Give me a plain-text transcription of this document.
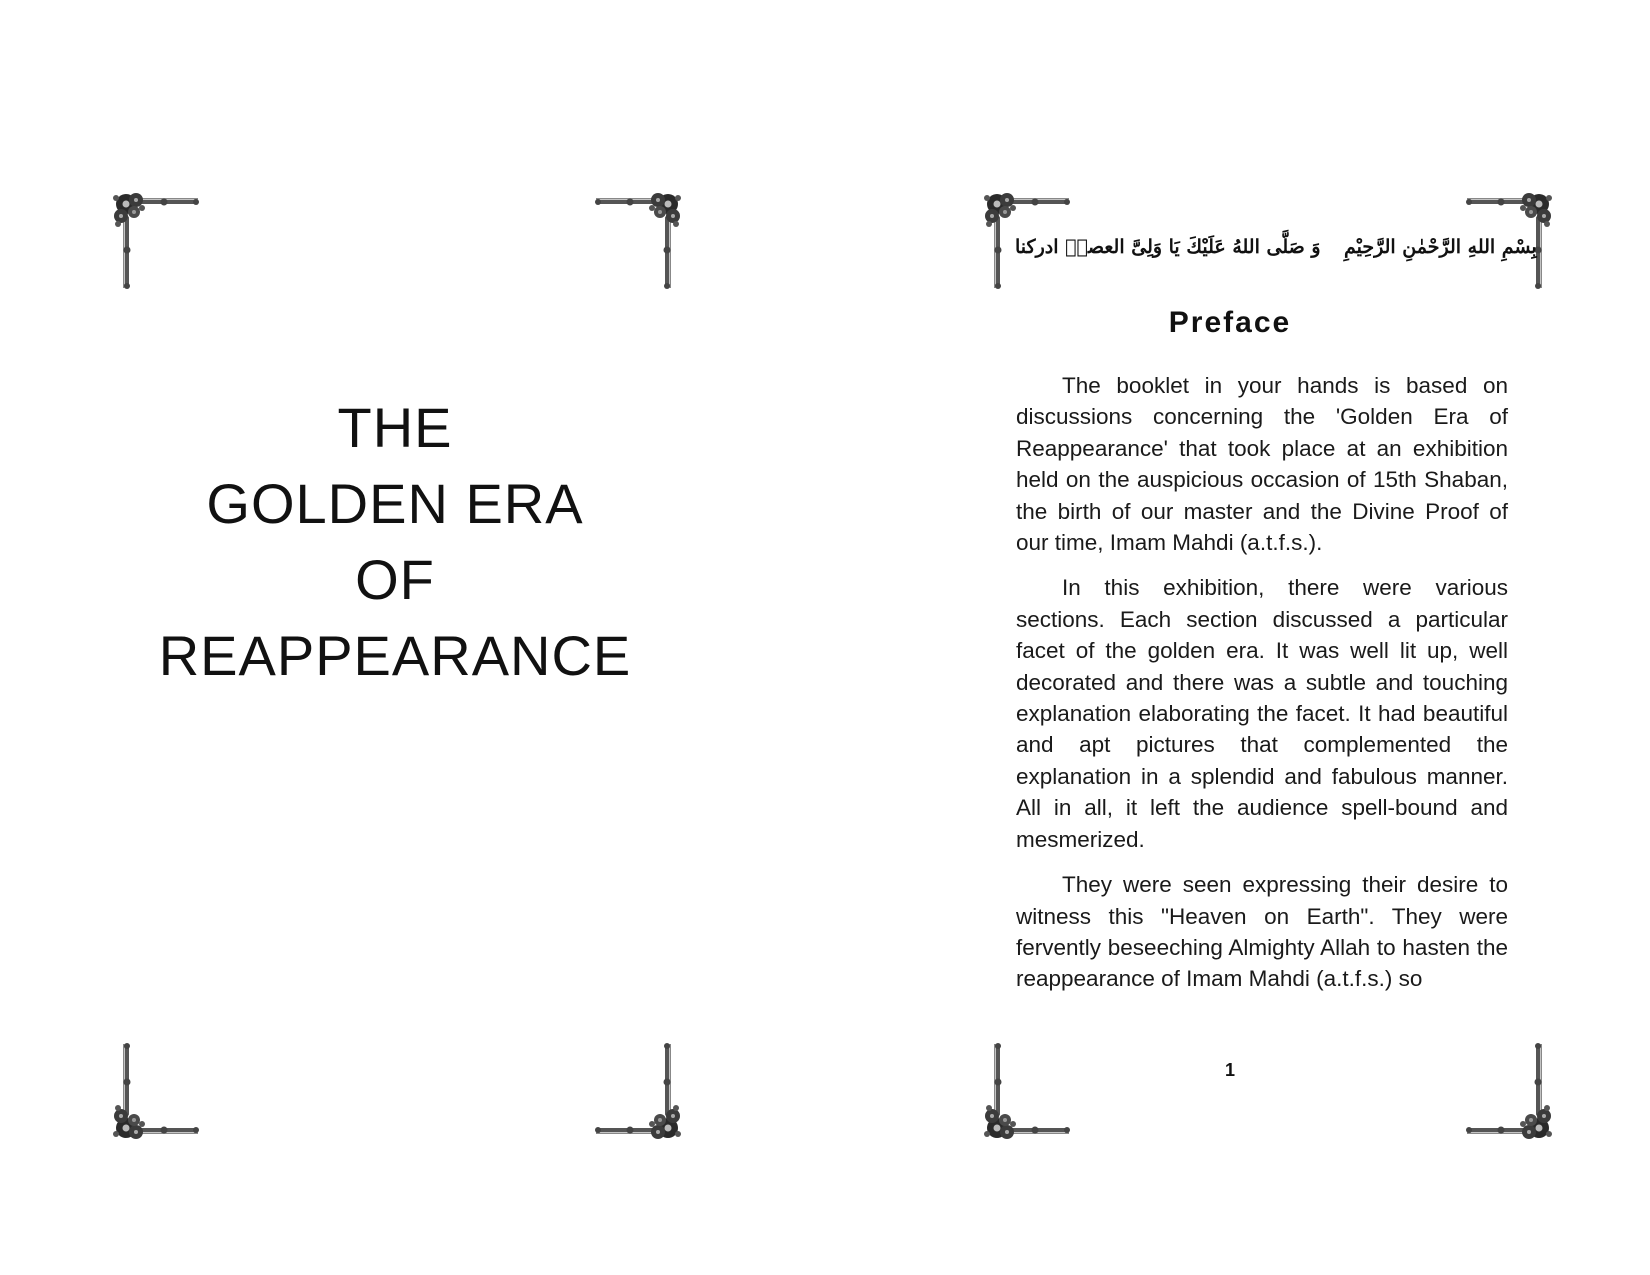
THE
GOLDEN ERA
OF
REAPPEARANCE
وَ صَلَّی اللهُ عَلَیْكَ یَا وَلِیَّ العصرؑ ادرکنا بِسْمِ اللهِ الرَّحْمٰنِ الرَّحِیْمِ
Preface

The booklet in your hands is based on discussions concerning the 'Golden Era of Reappearance' that took place at an exhibition held on the auspicious occasion of 15th Shaban, the birth of our master and the Divine Proof of our time, Imam Mahdi (a.t.f.s.).

In this exhibition, there were various sections. Each section discussed a particular facet of the golden era. It was well lit up, well decorated and there was a subtle and touching explanation elaborating the facet. It had beautiful and apt pictures that complemented the explanation in a splendid and fabulous manner. All in all, it left the audience spell-bound and mesmerized.

They were seen expressing their desire to witness this "Heaven on Earth". They were fervently beseeching Almighty Allah to hasten the reappearance of Imam Mahdi (a.t.f.s.) so

1
